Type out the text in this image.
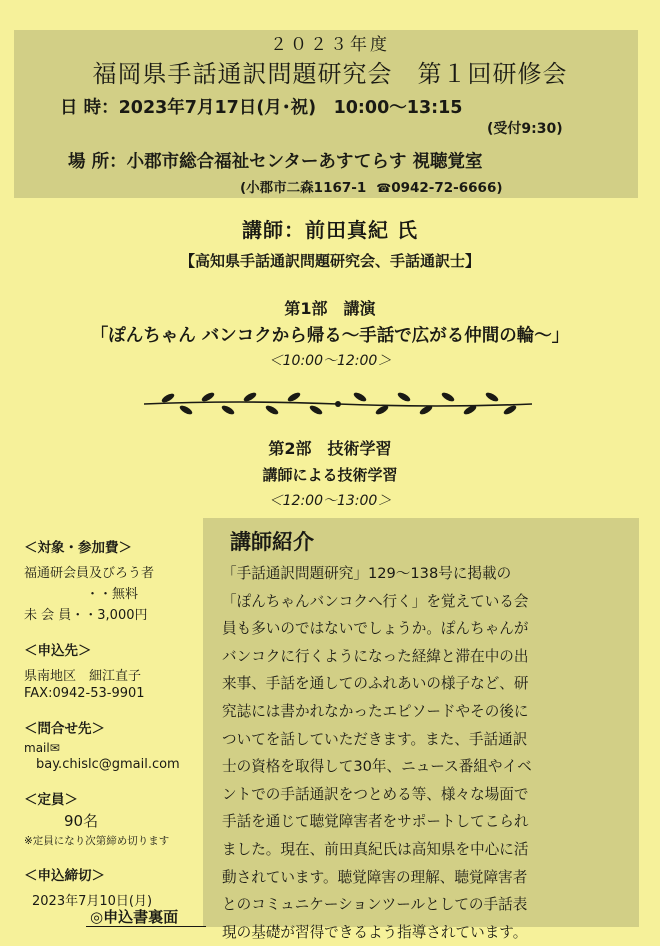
２０２３年度
福岡県手話通訳問題研究会　第１回研修会
日 時：2023年7月17日(月･祝)　10:00～13:15
(受付9:30)
場 所：小郡市総合福祉センターあすてらす 視聴覚室
(小郡市二森1167-1 ☎0942-72-6666)
講師：前田真紀 氏
【高知県手話通訳問題研究会、手話通訳士】
第1部　講演
「ぽんちゃん バンコクから帰る～手話で広がる仲間の輪～」
＜10:00～12:00＞
第2部　技術学習
講師による技術学習
＜12:00～13:00＞
＜対象・参加費＞
福通研会員及びろう者
・・無料
未 会 員・・3,000円
＜申込先＞
県南地区　細江直子
FAX:0942-53-9901
＜問合せ先＞
mail✉
bay.chislc@gmail.com
＜定員＞
90名
※定員になり次第締め切ります
＜申込締切＞
2023年7月10日(月)
講師紹介
「手話通訳問題研究」129～138号に掲載の
「ぽんちゃんバンコクへ行く」を覚えている会
員も多いのではないでしょうか。ぽんちゃんが
バンコクに行くようになった経緯と滞在中の出
来事、手話を通してのふれあいの様子など、研
究誌には書かれなかったエピソードやその後に
ついてを話していただきます。また、手話通訳
士の資格を取得して30年、ニュース番組やイベ
ントでの手話通訳をつとめる等、様々な場面で
手話を通じて聴覚障害者をサポートしてこられ
ました。現在、前田真紀氏は高知県を中心に活
動されています。聴覚障害の理解、聴覚障害者
とのコミュニケーションツールとしての手話表
現の基礎が習得できるよう指導されています。
◎申込書裏面
